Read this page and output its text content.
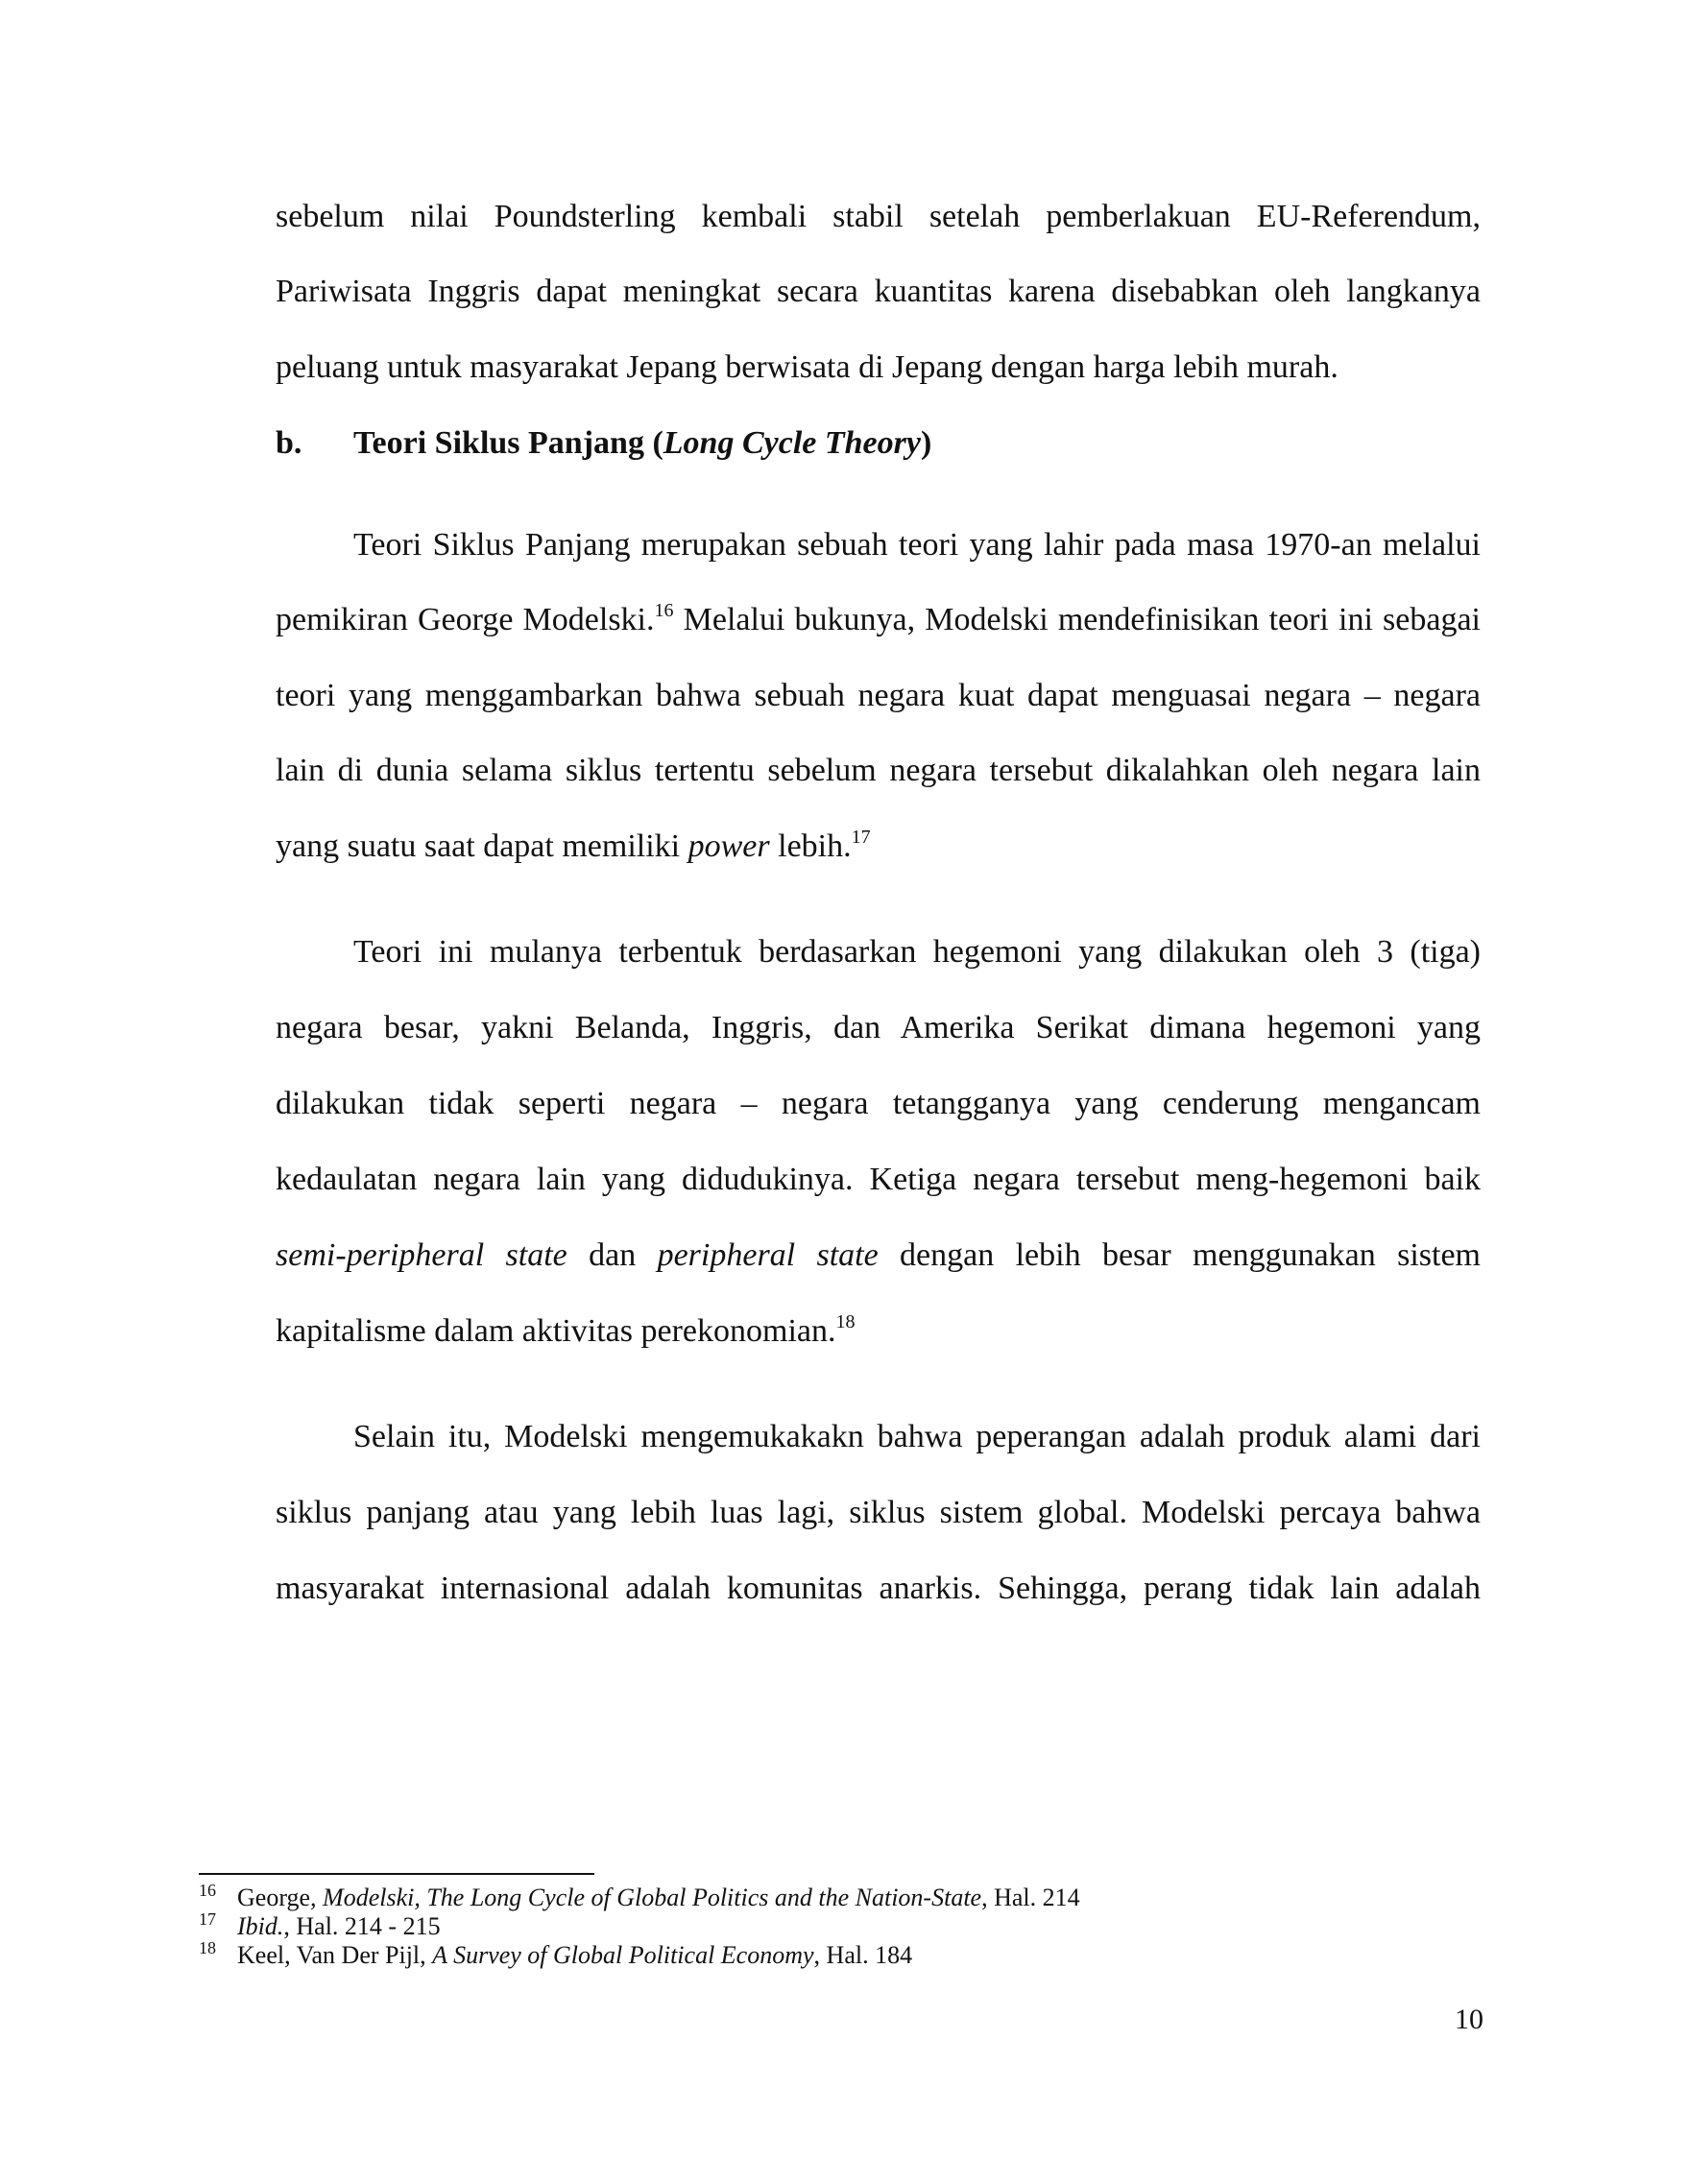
sebelum nilai Poundsterling kembali stabil setelah pemberlakuan EU-Referendum,
Pariwisata Inggris dapat meningkat secara kuantitas karena disebabkan oleh langkanya
peluang untuk masyarakat Jepang berwisata di Jepang dengan harga lebih murah.
b. Teori Siklus Panjang (Long Cycle Theory)
Teori Siklus Panjang merupakan sebuah teori yang lahir pada masa 1970-an melalui
pemikiran George Modelski.$^{16}$ Melalui bukunya, Modelski mendefinisikan teori ini sebagai
teori yang menggambarkan bahwa sebuah negara kuat dapat menguasai negara – negara
lain di dunia selama siklus tertentu sebelum negara tersebut dikalahkan oleh negara lain
yang suatu saat dapat memiliki power lebih.$^{17}$
Teori ini mulanya terbentuk berdasarkan hegemoni yang dilakukan oleh 3 (tiga)
negara besar, yakni Belanda, Inggris, dan Amerika Serikat dimana hegemoni yang
dilakukan tidak seperti negara – negara tetangganya yang cenderung mengancam
kedaulatan negara lain yang didudukinya. Ketiga negara tersebut meng-hegemoni baik
semi-peripheral state dan peripheral state dengan lebih besar menggunakan sistem
kapitalisme dalam aktivitas perekonomian.$^{18}$
Selain itu, Modelski mengemukakakn bahwa peperangan adalah produk alami dari
siklus panjang atau yang lebih luas lagi, siklus sistem global. Modelski percaya bahwa
masyarakat internasional adalah komunitas anarkis. Sehingga, perang tidak lain adalah
16 George, Modelski, The Long Cycle of Global Politics and the Nation-State, Hal. 214
17 Ibid., Hal. 214 - 215
18 Keel, Van Der Pijl, A Survey of Global Political Economy, Hal. 184
10
